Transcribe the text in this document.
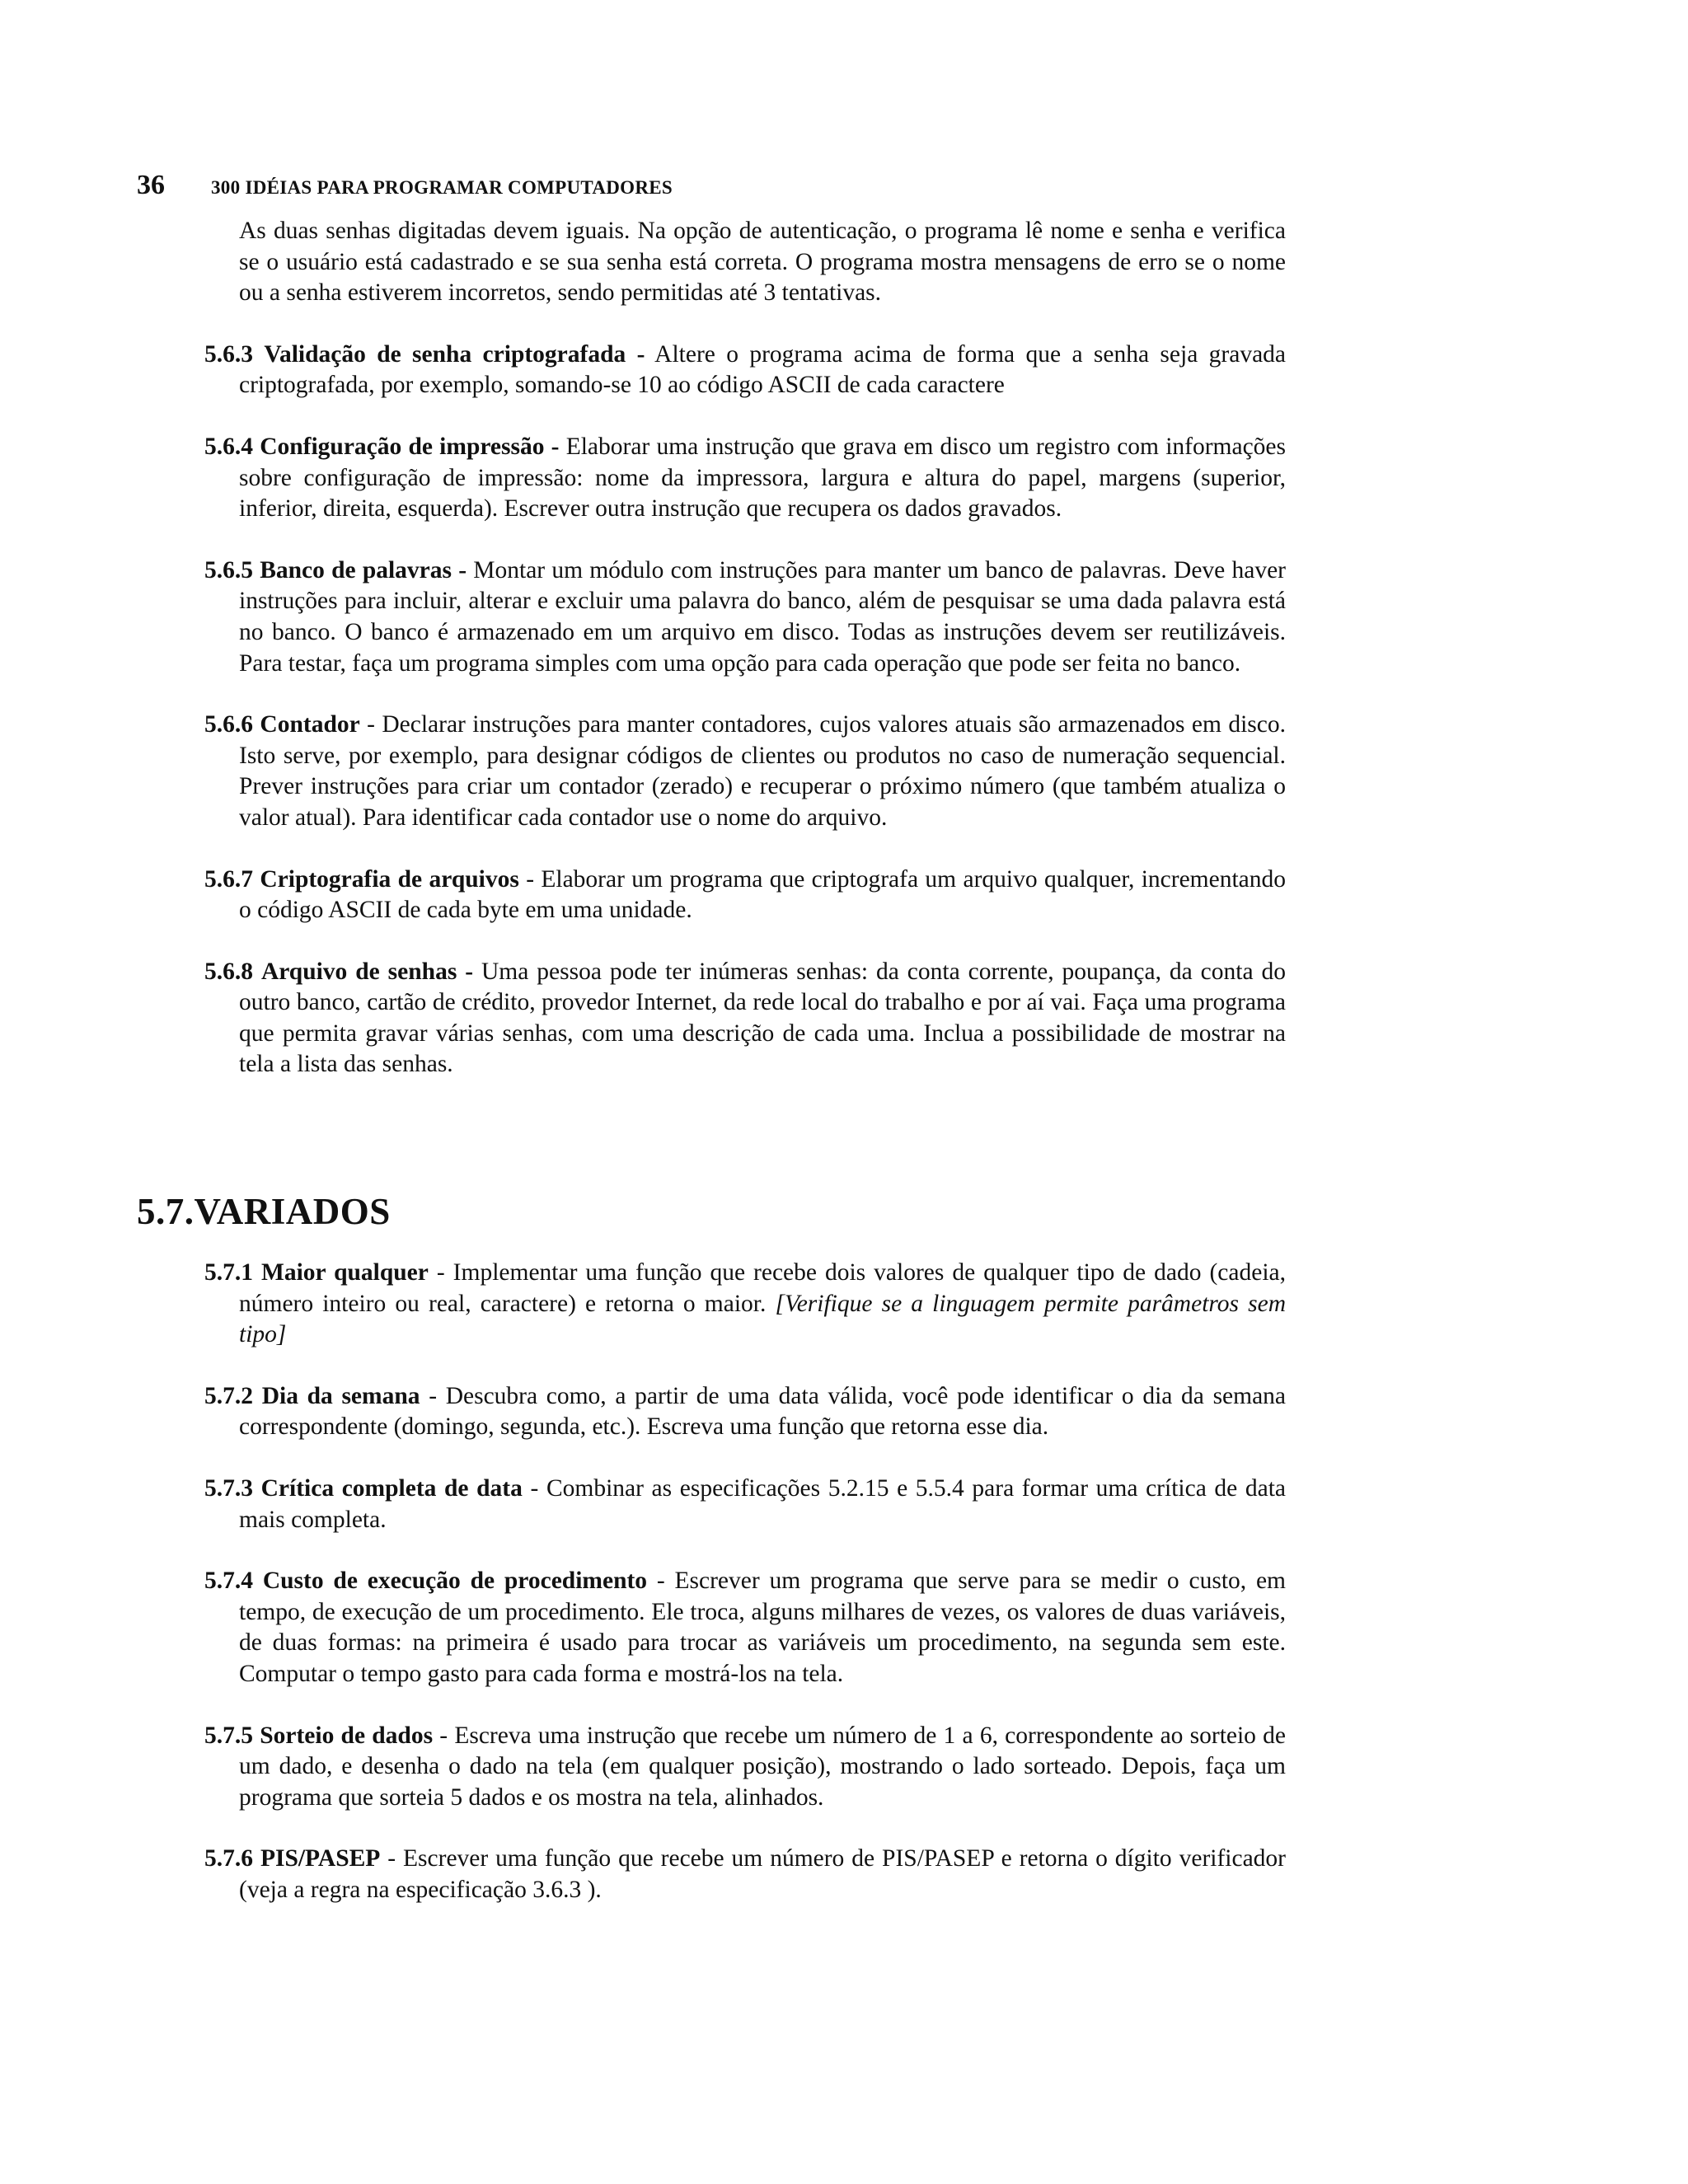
36	300 IDÉIAS PARA PROGRAMAR COMPUTADORES

As duas senhas digitadas devem iguais. Na opção de autenticação, o programa lê nome e senha e verifica se o usuário está cadastrado e se sua senha está correta. O programa mostra mensagens de erro se o nome ou a senha estiverem incorretos, sendo permitidas até 3 tentativas.

5.6.3 Validação de senha criptografada - Altere o programa acima de forma que a senha seja gravada criptografada, por exemplo, somando-se 10 ao código ASCII de cada caractere

5.6.4 Configuração de impressão - Elaborar uma instrução que grava em disco um registro com informações sobre configuração de impressão: nome da impressora, largura e altura do papel, margens (superior, inferior, direita, esquerda). Escrever outra instrução que recupera os dados gravados.

5.6.5 Banco de palavras - Montar um módulo com instruções para manter um banco de palavras. Deve haver instruções para incluir, alterar e excluir uma palavra do banco, além de pesquisar se uma dada palavra está no banco. O banco é armazenado em um arquivo em disco. Todas as instruções devem ser reutilizáveis. Para testar, faça um programa simples com uma opção para cada operação que pode ser feita no banco.

5.6.6 Contador - Declarar instruções para manter contadores, cujos valores atuais são armazenados em disco. Isto serve, por exemplo, para designar códigos de clientes ou produtos no caso de numeração sequencial. Prever instruções para criar um contador (zerado) e recuperar o próximo número (que também atualiza o valor atual). Para identificar cada contador use o nome do arquivo.

5.6.7 Criptografia de arquivos - Elaborar um programa que criptografa um arquivo qualquer, incrementando o código ASCII de cada byte em uma unidade.

5.6.8 Arquivo de senhas - Uma pessoa pode ter inúmeras senhas: da conta corrente, poupança, da conta do outro banco, cartão de crédito, provedor Internet, da rede local do trabalho e por aí vai. Faça uma programa que permita gravar várias senhas, com uma descrição de cada uma. Inclua a possibilidade de mostrar na tela a lista das senhas.

5.7.VARIADOS

5.7.1 Maior qualquer - Implementar uma função que recebe dois valores de qualquer tipo de dado (cadeia, número inteiro ou real, caractere) e retorna o maior. [Verifique se a linguagem permite parâmetros sem tipo]

5.7.2 Dia da semana - Descubra como, a partir de uma data válida, você pode identificar o dia da semana correspondente (domingo, segunda, etc.). Escreva uma função que retorna esse dia.

5.7.3 Crítica completa de data - Combinar as especificações 5.2.15 e 5.5.4 para formar uma crítica de data mais completa.

5.7.4 Custo de execução de procedimento - Escrever um programa que serve para se medir o custo, em tempo, de execução de um procedimento. Ele troca, alguns milhares de vezes, os valores de duas variáveis, de duas formas: na primeira é usado para trocar as variáveis um procedimento, na segunda sem este. Computar o tempo gasto para cada forma e mostrá-los na tela.

5.7.5 Sorteio de dados - Escreva uma instrução que recebe um número de 1 a 6, correspondente ao sorteio de um dado, e desenha o dado na tela (em qualquer posição), mostrando o lado sorteado. Depois, faça um programa que sorteia 5 dados e os mostra na tela, alinhados.

5.7.6 PIS/PASEP - Escrever uma função que recebe um número de PIS/PASEP e retorna o dígito verificador (veja a regra na especificação 3.6.3 ).
